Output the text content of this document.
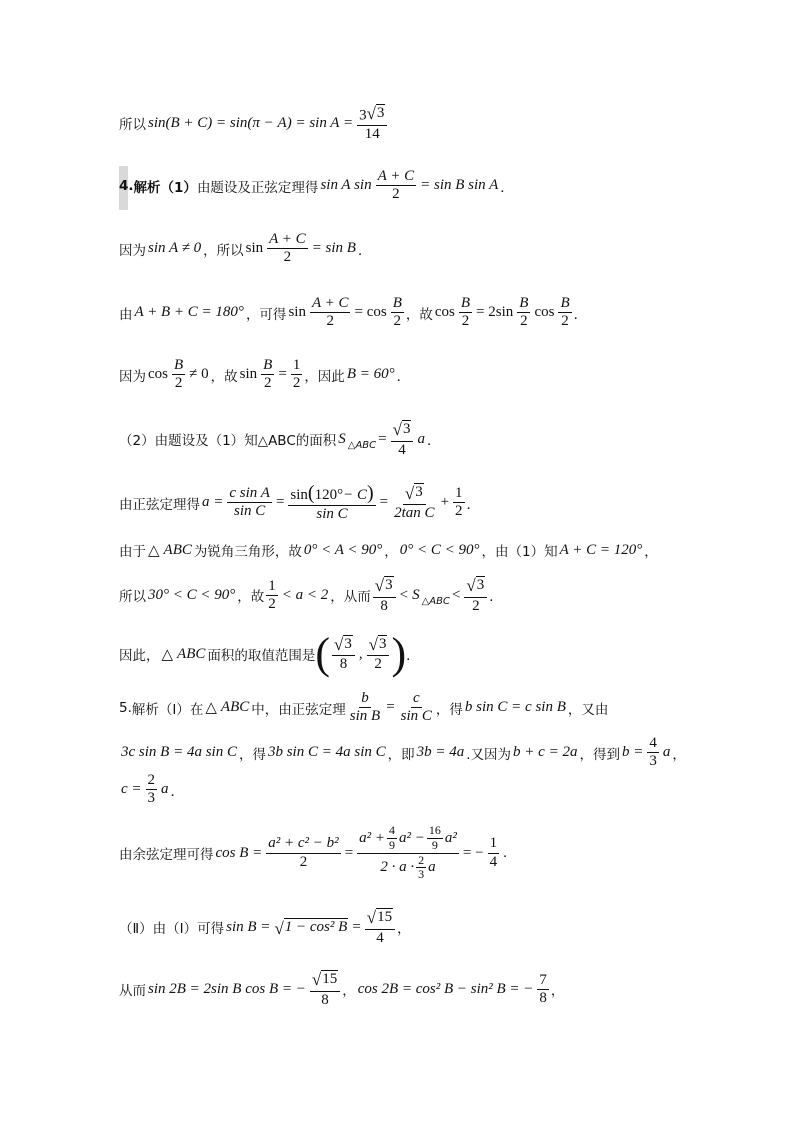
所以 $\sin(B + C) = \sin(\pi - A) = \sin A = \frac{3 √ 3}{14}$
4. 解析 （1） 由题设及正弦定理得 sin A $\sin \frac{A + C}{2} = \sin B$ sin A ．
因为 sin A ≠ 0 ，所以 $\sin \frac{A + C}{2} = \sin B$ ．
由 A + B + C = 180° ，可得 $\sin \frac{A + C}{2} = \cos \frac{B}{2}$ ，故 $\cos \frac{B}{2} = 2\sin \frac{B}{2}$ $\cos \frac{B}{2}$ ．
因为 $\cos \frac{B}{2} \ne 0$ ，故 $\sin \frac{B}{2} = \frac{1}{2}$ ，因此 B = 60° ．
（2） 由题设及 （1） 知△ABC的面积 S △ABC = $\frac{√ 3}{4}$ a ．
由正弦定理得 $a = \frac{\text{c sin A}}{\text{sin C}} = \frac{\sin(120^\circ- C)}{\text{sin C}} = \frac{√ 3}{\text{2tan C}} + \frac{1}{2}$ ．
由于 △ ABC 为锐角三角形，故 0° < A < 90° ， 0° < C < 90° ，由 （1） 知 A + C = 120° ，
所以 30° < C < 90° ，故 $\frac{1}{2} < a < 2$ ，从而 $\frac{√ 3}{8} < S$ △ABC < $\frac{√ 3}{2}$ ．
因此， △ ABC 面积的取值范围是 ( $\frac{√ 3}{8}$ , $\frac{√ 3}{2}$ ) ．
5. 解析（Ⅰ）在 △ ABC 中，由正弦定理 $\frac{b}{\text{sin B}} = \frac{c}{\text{sin C}}$ ，得 b sin C = c sin B ，又由
3c sin B = 4a sin C ，得 3b sin C = 4a sin C ，即 3b = 4a .又因为 b + c = 2a ，得到 $b = \frac{4}{3}$ a ，
$c = \frac{2}{3}$ a ．
由余弦定理可得 $\cos B = \frac{\text{a² + c² − b²}}{2} = \frac{a^2 + \frac{4}{9} a^2 - \frac{16}{9} a^2}{2 \cdot a \cdot \frac{2}{3} a}$ = − $\frac{1}{4}$ .
（Ⅱ）由（Ⅰ）可得 sin B = √ 1 − cos² $B = \frac{√ 15}{4}$ ，
从而 sin 2B = 2sin B cos B = − $\frac{√ 15}{8}$ ， cos 2B = cos² B − sin² B = − $\frac{7}{8}$ ，
